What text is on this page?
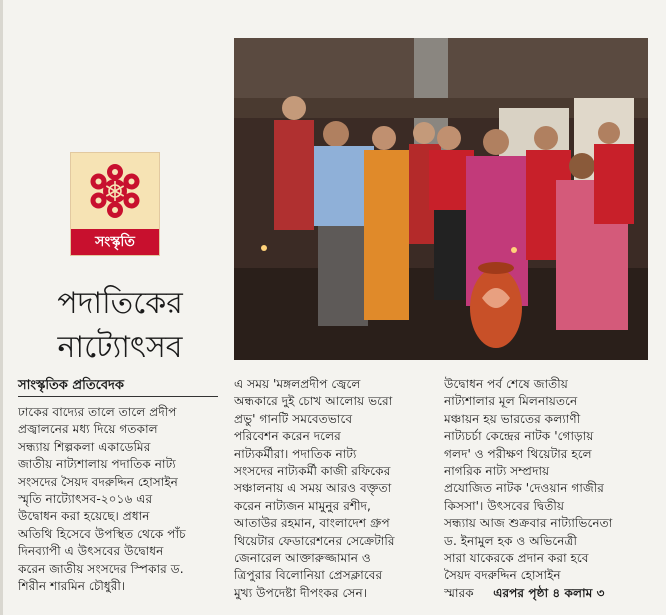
সংস্কৃতি
পদাতিকের
নাট্যোৎসব
সাংস্কৃতিক প্রতিবেদক
ঢাকের বাদ্যের তালে তালে প্রদীপ
প্রজ্বালনের মধ্য দিয়ে গতকাল
সন্ধ্যায় শিল্পকলা একাডেমির
জাতীয় নাট্যশালায় পদাতিক নাট্য
সংসদের সৈয়দ বদরুদ্দিন হোসাইন
স্মৃতি নাট্যোৎসব-২০১৬ এর
উদ্বোধন করা হয়েছে। প্রধান
অতিথি হিসেবে উপস্থিত থেকে পাঁচ
দিনব্যাপী এ উৎসবের উদ্বোধন
করেন জাতীয় সংসদের স্পিকার ড.
শিরীন শারমিন চৌধুরী।
এ সময় 'মঙ্গলপ্রদীপ জ্বেলে
অন্ধকারে দুই চোখ আলোয় ভরো
প্রভু' গানটি সমবেতভাবে
পরিবেশন করেন দলের
নাট্যকর্মীরা। পদাতিক নাট্য
সংসদের নাট্যকর্মী কাজী রফিকের
সঞ্চালনায় এ সময় আরও বক্তৃতা
করেন নাট্যজন মামুনুর রশীদ,
আতাউর রহমান, বাংলাদেশ গ্রুপ
থিয়েটার ফেডারেশনের সেক্রেটারি
জেনারেল আক্তারুজ্জামান ও
ত্রিপুরার বিলোনিয়া প্রেসক্লাবের
মুখ্য উপদেষ্টা দীপংকর সেন।
উদ্বোধন পর্ব শেষে জাতীয়
নাট্যশালার মূল মিলনায়তনে
মঞ্চায়ন হয় ভারতের কল্যাণী
নাট্যচর্চা কেন্দ্রের নাটক 'গোড়ায়
গলদ' ও পরীক্ষণ থিয়েটার হলে
নাগরিক নাট্য সম্প্রদায়
প্রযোজিত নাটক 'দেওয়ান গাজীর
কিসসা'। উৎসবের দ্বিতীয়
সন্ধ্যায় আজ শুক্রবার নাট্যাভিনেতা
ড. ইনামুল হক ও অভিনেত্রী
সারা যাকেরকে প্রদান করা হবে
সৈয়দ বদরুদ্দিন হোসাইন
স্মারক এরপর পৃষ্ঠা ৪ কলাম ৩
